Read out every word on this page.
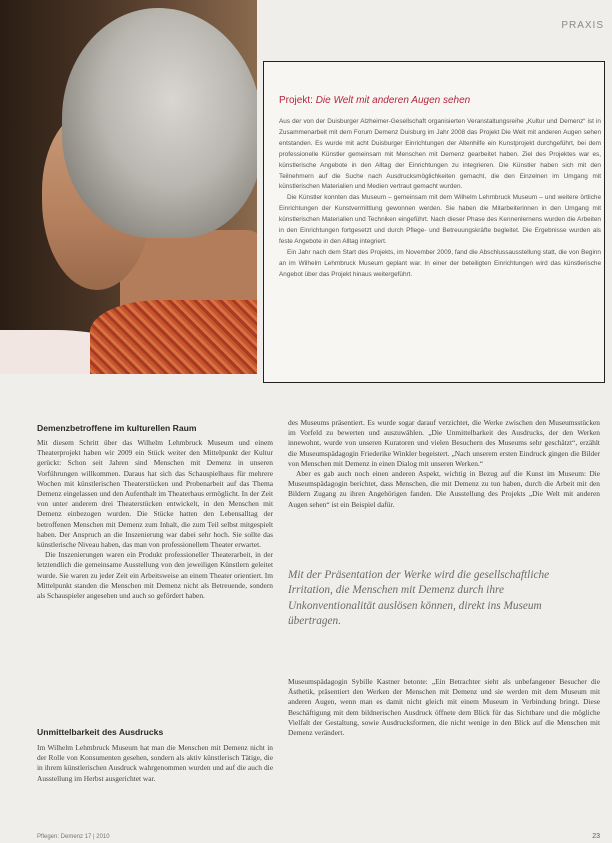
PRAXIS
Projekt: Die Welt mit anderen Augen sehen

Aus der von der Duisburger Alzheimer-Gesellschaft organisierten Veranstaltungsreihe „Kultur und Demenz“ ist in Zusammenarbeit mit dem Forum Demenz Duisburg im Jahr 2008 das Projekt Die Welt mit anderen Augen sehen entstanden. Es wurde mit acht Duisburger Einrichtungen der Altenhilfe ein Kunstprojekt durchgeführt, bei dem professionelle Künstler gemeinsam mit Menschen mit Demenz gearbeitet haben. Ziel des Projektes war es, künstlerische Angebote in den Alltag der Einrichtungen zu integrieren. Die Künstler haben sich mit den Teilnehmern auf die Suche nach Ausdrucksmöglichkeiten gemacht, die den Einzelnen im Umgang mit künstlerischen Materialien und Medien vertraut gemacht wurden.

Die Künstler konnten das Museum – gemeinsam mit dem Wilhelm Lehmbruck Museum – und weitere örtliche Einrichtungen der Kunstvermittlung gewonnen werden. Sie haben die Mitarbeiterinnen in den Umgang mit künstlerischen Materialien und Techniken eingeführt. Nach dieser Phase des Kennenlernens wurden die Arbeiten in den Einrichtungen fortgesetzt und durch Pflege- und Betreuungskräfte begleitet. Die Ergebnisse wurden als feste Angebote in den Alltag integriert.

Ein Jahr nach dem Start des Projekts, im November 2009, fand die Abschlussausstellung statt, die von Beginn an im Wilhelm Lehmbruck Museum geplant war. In einer der beteiligten Einrichtungen wird das künstlerische Angebot über das Projekt hinaus weitergeführt.

Demenzbetroffene im kulturellen Raum

Mit diesem Schritt über das Wilhelm Lehmbruck Museum und einem Theaterprojekt haben wir 2009 ein Stück weiter den Mittelpunkt der Kultur gerückt: Schon seit Jahren sind Menschen mit Demenz in unseren Vorführungen willkommen. Daraus hat sich das Schauspielhaus für mehrere Wochen mit künstlerischen Theaterstücken und Probenarbeit auf das Thema Demenz eingelassen und den Aufenthalt im Theaterhaus ermöglicht. In der Zeit von unter anderem drei Theaterstücken entwickelt, in den Menschen mit Demenz einbezogen wurden. Die Stücke hatten den Lebensalltag der betroffenen Menschen mit Demenz zum Inhalt, die zum Teil selbst mitgespielt haben. Der Anspruch an die Inszenierung war dabei sehr hoch. Sie sollte das künstlerische Niveau haben, das man von professionellem Theater erwartet.

Die Inszenierungen waren ein Produkt professioneller Theaterarbeit, in der letztendlich die gemeinsame Ausstellung von den jeweiligen Künstlern geleitet wurde. Sie waren zu jeder Zeit ein Arbeitsweise an einem Theater orientiert. Im Mittelpunkt standen die Menschen mit Demenz nicht als Betreuende, sondern als Schauspieler angesehen und auch so gefördert haben.

Unmittelbarkeit des Ausdrucks

Im Wilhelm Lehmbruck Museum hat man die Menschen mit Demenz nicht in der Rolle von Konsumenten gesehen, sondern als aktiv künstlerisch Tätige, die in ihrem künstlerischen Ausdruck wahrgenommen wurden und auf die auch die Ausstellung im Herbst ausgerichtet war.

des Museums präsentiert. Es wurde sogar darauf verzichtet, die Werke zwischen den Museumsstücken im Vorfeld zu bewerten und auszuwählen. „Die Unmittelbarkeit des Ausdrucks, der den Werken innewohnt, wurde von unseren Kuratoren und vielen Besuchern des Museums sehr geschätzt“, erzählt die Museumspädagogin Friederike Winkler begeistert. „Nach unserem ersten Eindruck gingen die Bilder von Menschen mit Demenz in einen Dialog mit unseren Werken.“

Aber es gab auch noch einen anderen Aspekt, wichtig in Bezug auf die Kunst im Museum: Die Museumspädagogin berichtet, dass Menschen, die mit Demenz zu tun haben, durch die Arbeit mit den Bildern Zugang zu ihren Angehörigen fanden. Die Ausstellung des Projekts „Die Welt mit anderen Augen sehen“ ist ein Beispiel dafür.

Mit der Präsentation der Werke wird die gesellschaftliche Irritation, die Menschen mit Demenz durch ihre Unkonventionalität auslösen können, direkt ins Museum übertragen.

Museumspädagogin Sybille Kastner betonte: „Ein Betrachter sieht als unbefangener Besucher die Ästhetik, präsentiert den Werken der Menschen mit Demenz und sie werden mit dem Museum mit anderen Augen, wenn man es damit nicht gleich mit einem Museum in Verbindung bringt. Diese Beschäftigung mit dem bildnerischen Ausdruck öffnete dem Blick für das Sichtbare und die mögliche Vielfalt der Gestaltung, sowie Ausdrucksformen, die nicht wenige in den Blick auf die Menschen mit Demenz verändert.

Pflegen: Demenz 17 | 2010	23
